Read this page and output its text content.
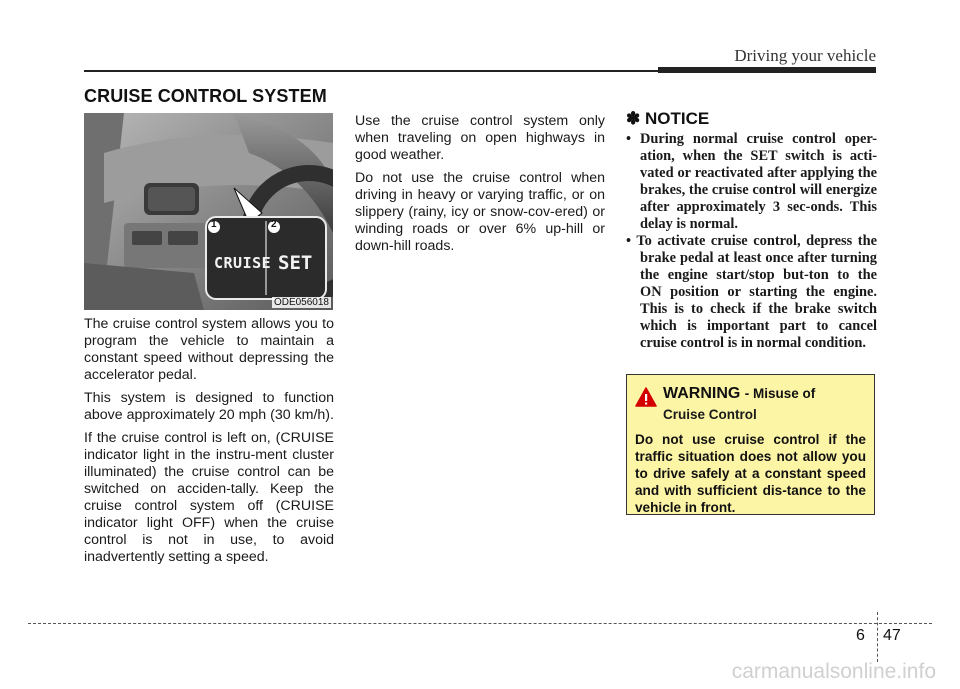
Driving your vehicle
CRUISE CONTROL SYSTEM
1	2
CRUISE SET
ODE056018

The cruise control system allows you to program the vehicle to maintain a constant speed without depressing the accelerator pedal.

This system is designed to function above approximately 20 mph (30 km/h).

If the cruise control is left on, (CRUISE indicator light in the instru-ment cluster illuminated) the cruise control can be switched on acciden-tally. Keep the cruise control system off (CRUISE indicator light OFF) when the cruise control is not in use, to avoid inadvertently setting a speed.

Use the cruise control system only when traveling on open highways in good weather.

Do not use the cruise control when driving in heavy or varying traffic, or on slippery (rainy, icy or snow-cov-ered) or winding roads or over 6% up-hill or down-hill roads.

✽ NOTICE
• During normal cruise control oper-ation, when the SET switch is acti-vated or reactivated after applying the brakes, the cruise control will energize after approximately 3 sec-onds. This delay is normal.
• To activate cruise control, depress the brake pedal at least once after turning the engine start/stop but-ton to the ON position or starting the engine. This is to check if the brake switch which is important part to cancel cruise control is in normal condition.
WARNING - Misuse of
Cruise Control
Do not use cruise control if the traffic situation does not allow you to drive safely at a constant speed and with sufficient dis-tance to the vehicle in front.
6 47
carmanualsonline.info
